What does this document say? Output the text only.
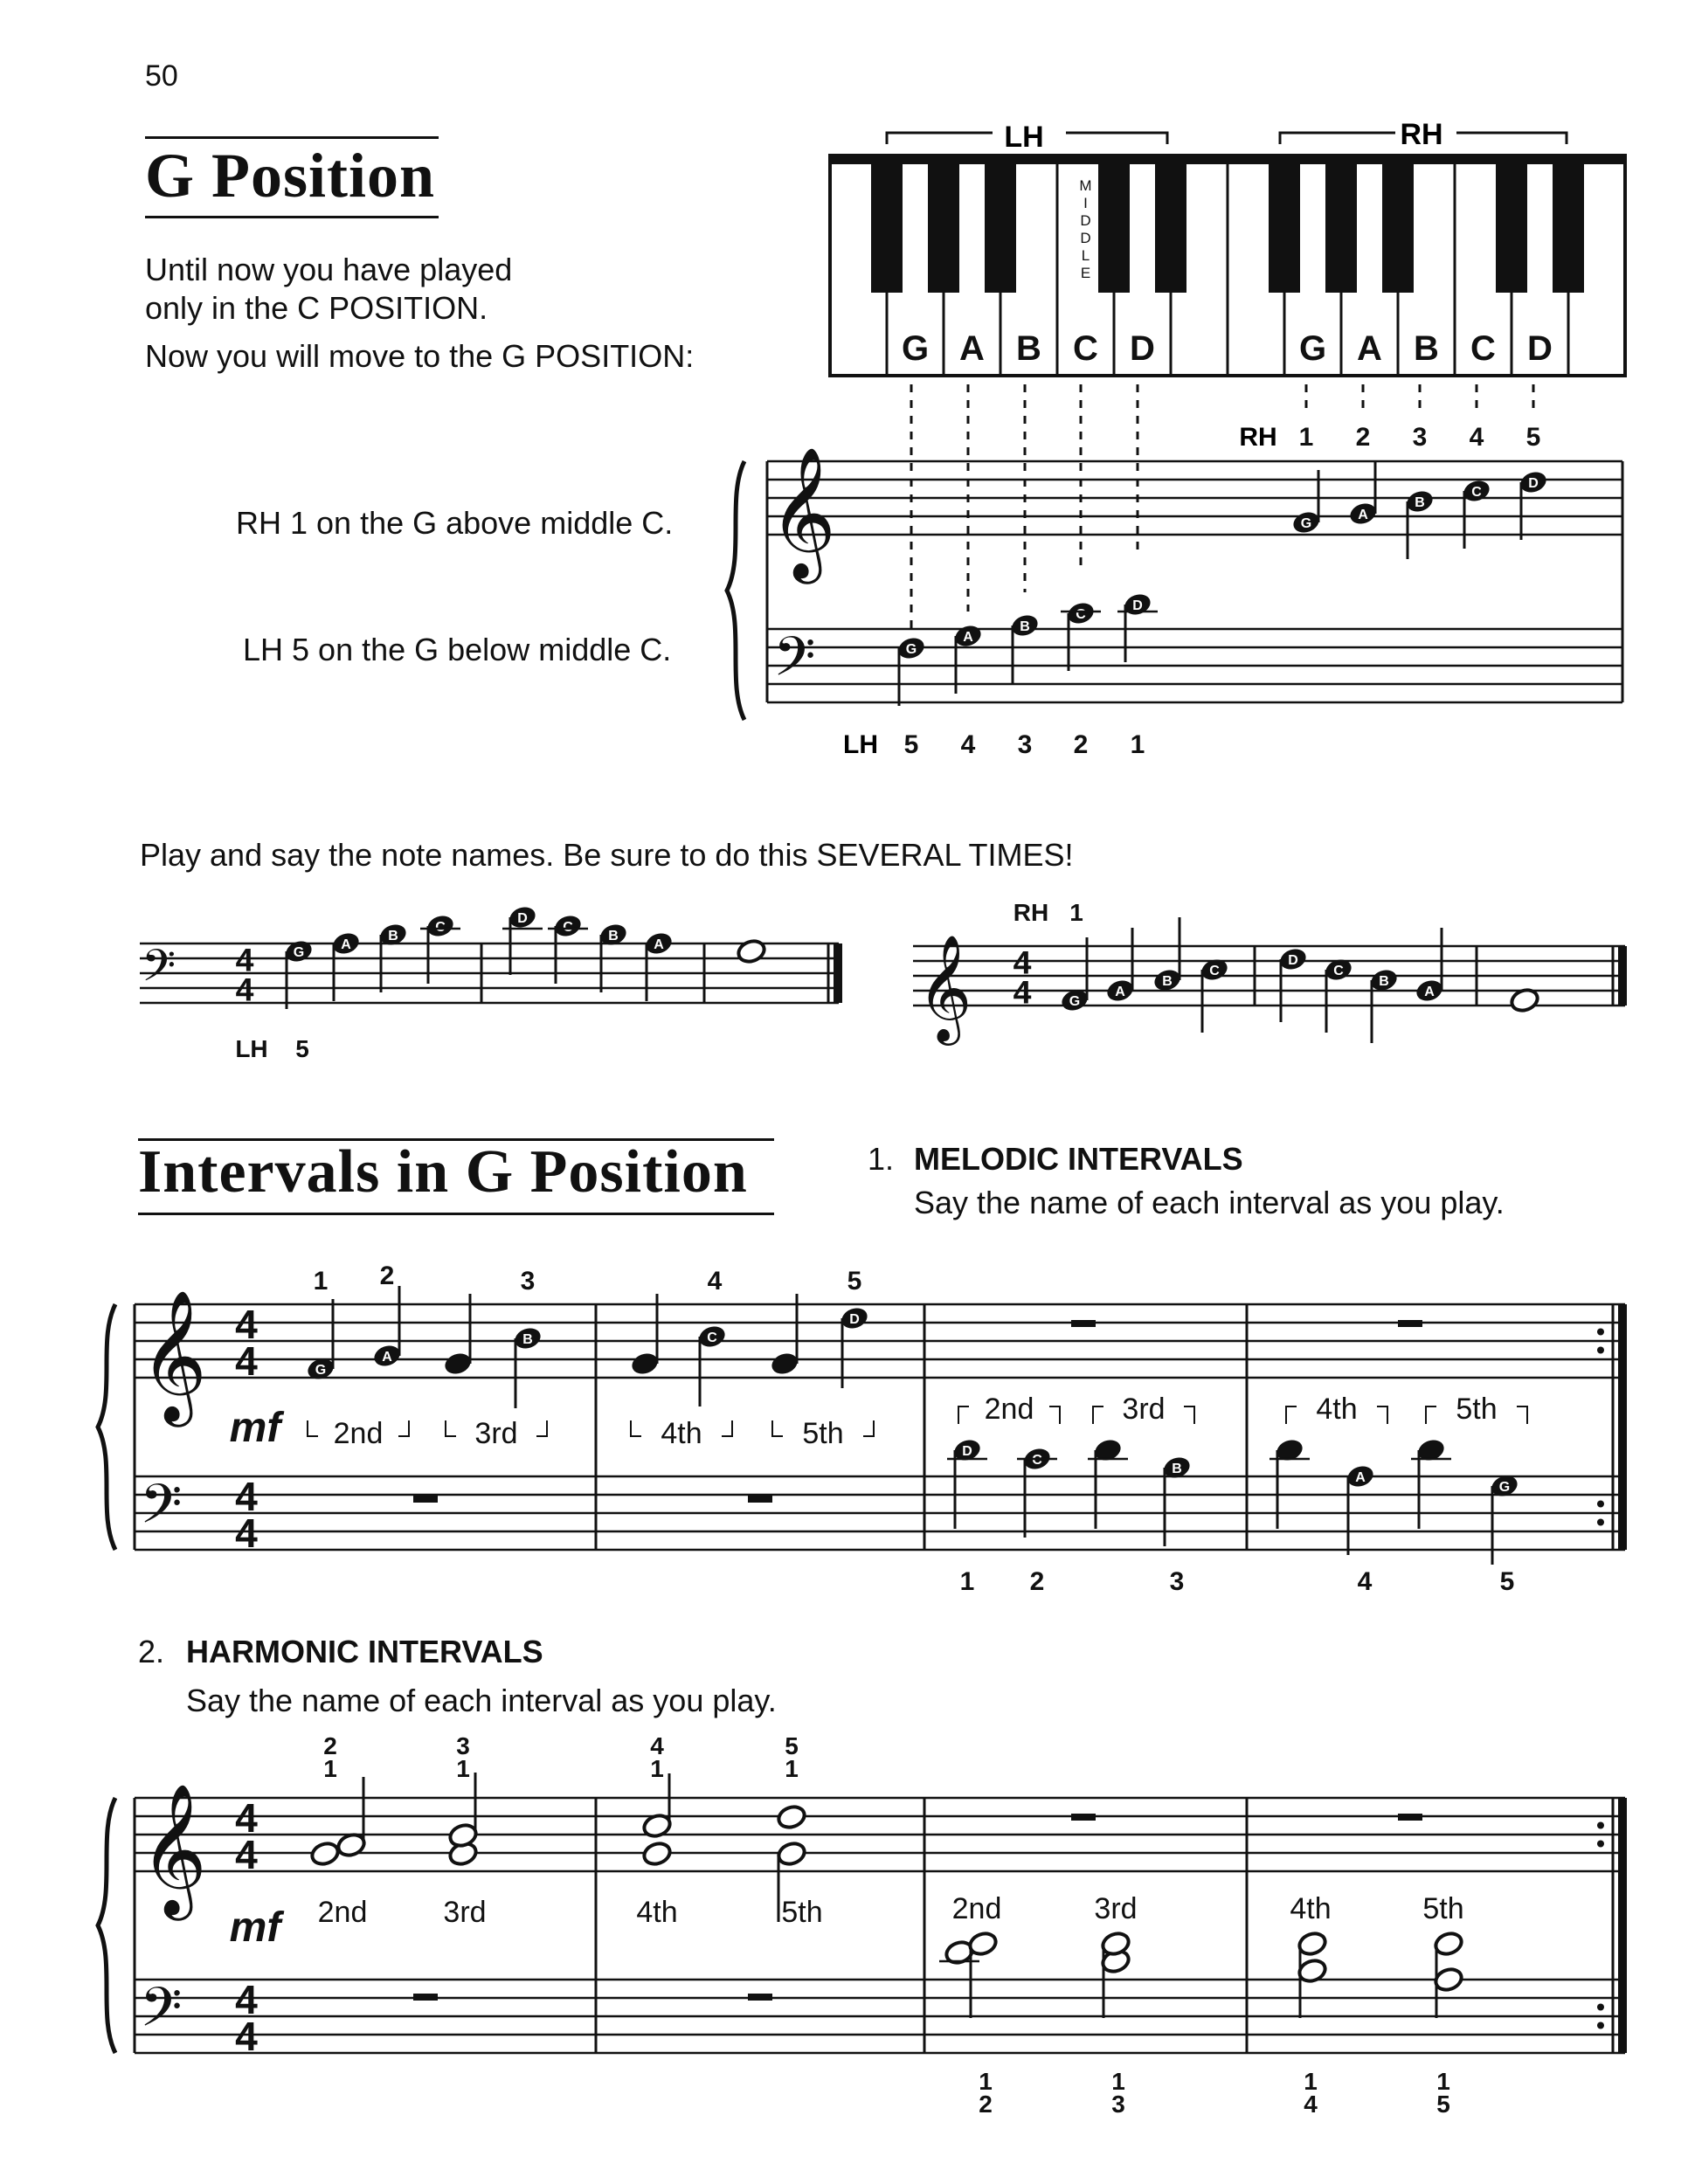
50
G Position
Until now you have played
only in the C POSITION.
Now you will move to the G POSITION:
RH 1 on the G above middle C.
LH 5 on the G below middle C.
M
I
D
D
L
E
G A B C D	G A B C D
LH	RH
RH 1 2 3 4 5
LH 5 4 3 2 1
𝄞
𝄢	G
A
B
C
D
G
A
B
C
D
𝄢 4
4
G
A
B
C
D
C
B
A
G
LH 5
𝄞 4
4	G
A
B
C
D
C
B
A
G
RH 1
𝄞
𝄢
4
4
4
4
mf
G
A
B	C
D
1 2	3	4	5
2nd	3rd	4th	5th
D
C
B
A
G
2nd	3rd	4th	5th
1 2	3	4	5
𝄞
𝄢
4
4
4
4
mf
2
1
3
1
4
1
5
1
2nd	3rd	4th	5th	2nd	3rd	4th	5th
1
2
1
3
1
4
1
5
Play and say the note names. Be sure to do this SEVERAL TIMES!
Intervals in G Position	1. MELODIC INTERVALS
Say the name of each interval as you play.
2. HARMONIC INTERVALS
Say the name of each interval as you play.
